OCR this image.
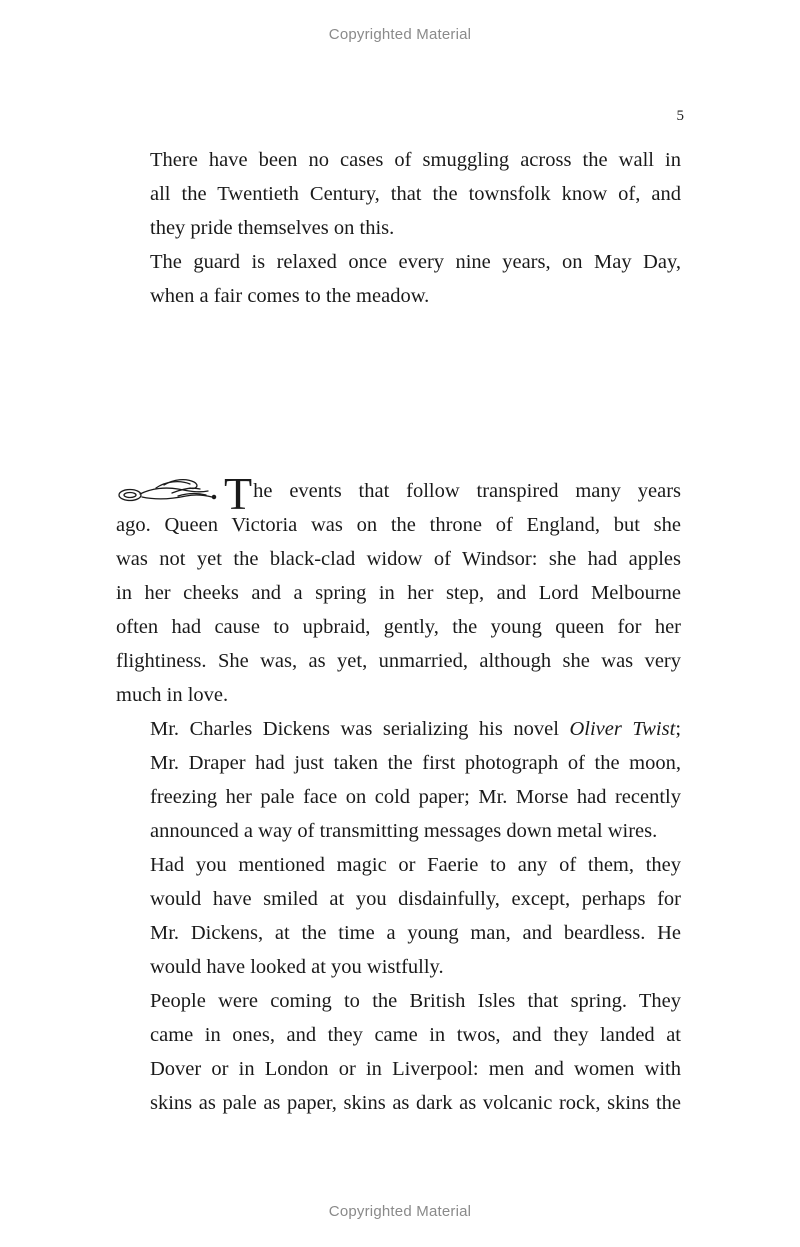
Copyrighted Material
5

There have been no cases of smuggling across the wall in
all the Twentieth Century, that the townsfolk know of, and
they pride themselves on this.

The guard is relaxed once every nine years, on May Day,
when a fair comes to the meadow.

T he events that follow transpired many years
ago. Queen Victoria was on the throne of England, but she
was not yet the black-clad widow of Windsor: she had apples
in her cheeks and a spring in her step, and Lord Melbourne
often had cause to upbraid, gently, the young queen for her
flightiness. She was, as yet, unmarried, although she was very
much in love.

Mr. Charles Dickens was serializing his novel Oliver Twist;
Mr. Draper had just taken the first photograph of the moon,
freezing her pale face on cold paper; Mr. Morse had recently
announced a way of transmitting messages down metal wires.

Had you mentioned magic or Faerie to any of them, they
would have smiled at you disdainfully, except, perhaps for
Mr. Dickens, at the time a young man, and beardless. He
would have looked at you wistfully.

People were coming to the British Isles that spring. They
came in ones, and they came in twos, and they landed at
Dover or in London or in Liverpool: men and women with
skins as pale as paper, skins as dark as volcanic rock, skins the

Copyrighted Material
